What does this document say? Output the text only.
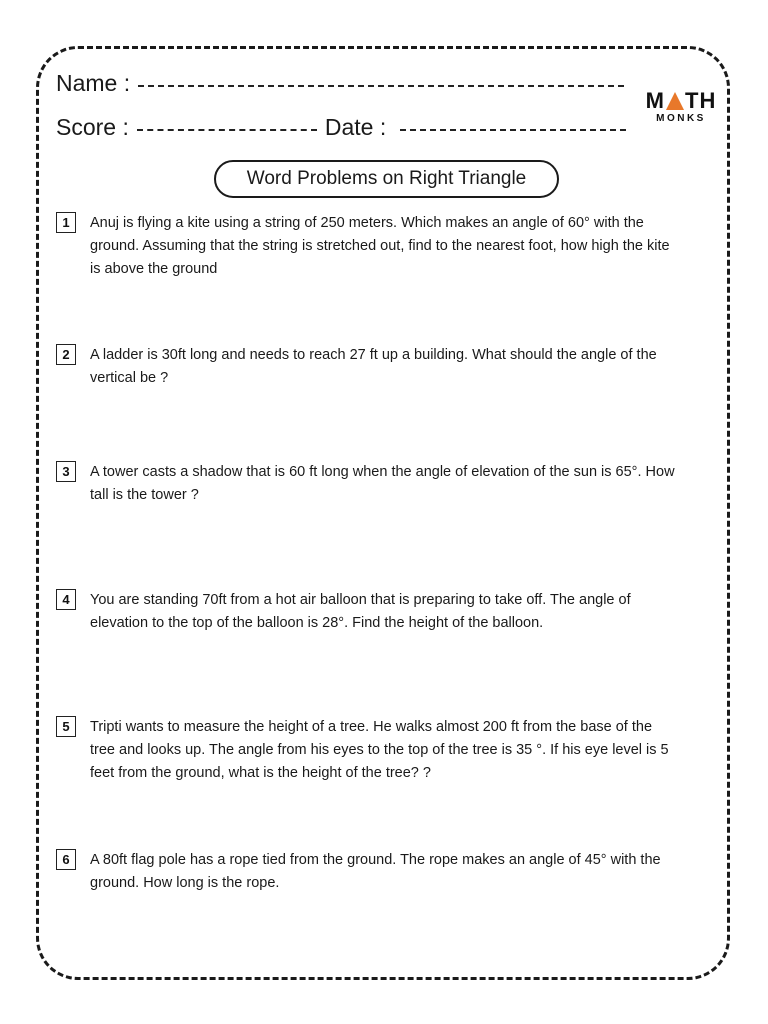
Name :
Score :	Date :
M TH
MONKS
Word Problems on Right Triangle
1	Anuj is flying a kite using a string of 250 meters. Which makes an angle of 60° with the ground. Assuming that the string is stretched out, find to the nearest foot, how high the kite is above the ground
2	A ladder is 30ft long and needs to reach 27 ft up a building. What should the angle of the vertical be ?
3	A tower casts a shadow that is 60 ft long when the angle of elevation of the sun is 65°. How tall is the tower ?
4	You are standing 70ft from a hot air balloon that is preparing to take off. The angle of elevation to the top of the balloon is 28°. Find the height of the balloon.
5	Tripti wants to measure the height of a tree. He walks almost 200 ft from the base of the tree and looks up. The angle from his eyes to the top of the tree is 35 °. If his eye level is 5 feet from the ground, what is the height of the tree? ?
6	A 80ft flag pole has a rope tied from the ground. The rope makes an angle of 45° with the ground. How long is the rope.
